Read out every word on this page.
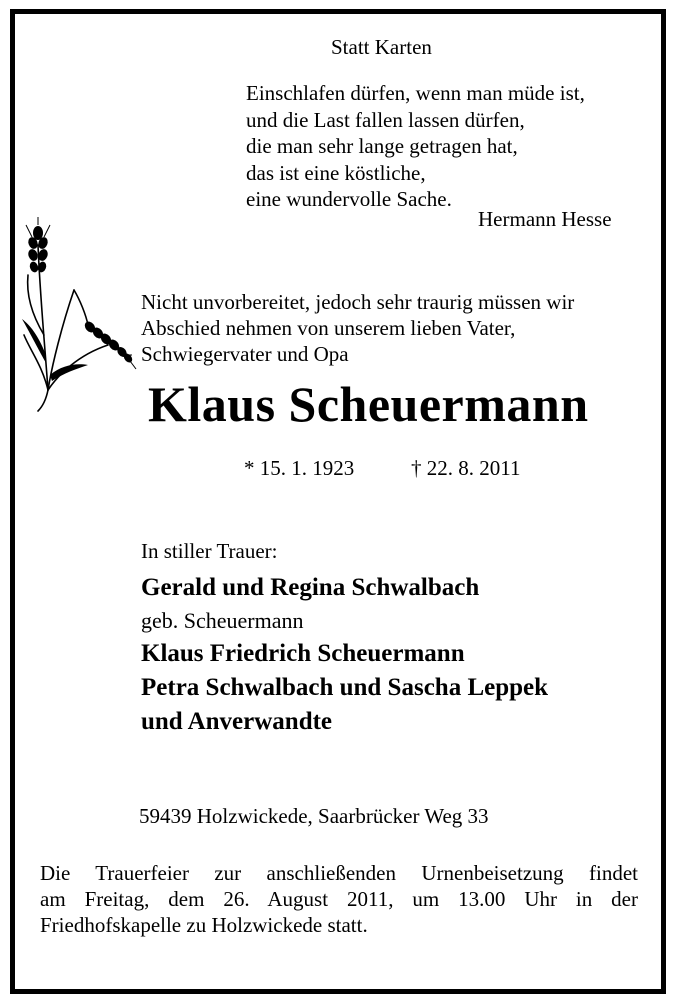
Statt Karten
Einschlafen dürfen, wenn man müde ist,
und die Last fallen lassen dürfen,
die man sehr lange getragen hat,
das ist eine köstliche,
eine wundervolle Sache.
Hermann Hesse
Nicht unvorbereitet, jedoch sehr traurig müssen wir
Abschied nehmen von unserem lieben Vater,
Schwiegervater und Opa
Klaus Scheuermann
* 15. 1. 1923	† 22. 8. 2011
In stiller Trauer:
Gerald und Regina Schwalbach
geb. Scheuermann
Klaus Friedrich Scheuermann
Petra Schwalbach und Sascha Leppek
und Anverwandte
59439 Holzwickede, Saarbrücker Weg 33
Die Trauerfeier zur anschließenden Urnenbeisetzung findet
am Freitag, dem 26. August 2011, um 13.00 Uhr in der
Friedhofskapelle zu Holzwickede statt.
